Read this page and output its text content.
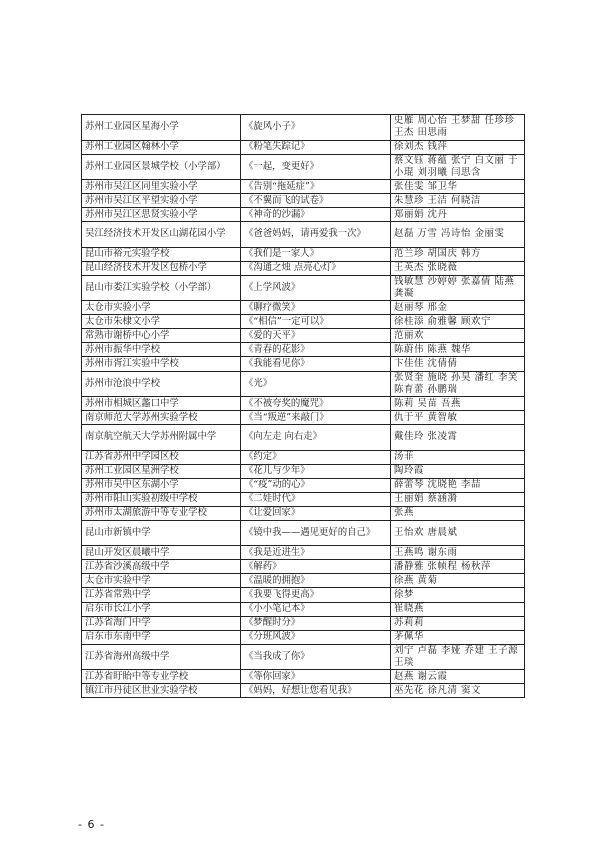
苏州工业园区星海小学	《旋风小子》	史雁 周心怡 王梦甜 任珍珍 王杰 田思雨
苏州工业园区翰林小学	《粉笔失踪记》	徐刘杰 钱萍
苏州工业园区景城学校（小学部）	《一起，变更好》	蔡文钰 蒋蕴 张宁 白文丽 于小琨 刘羽曦 闫思含
苏州市吴江区同里实验小学	《告别“拖延症”》	张佳雯 邹卫华
苏州市吴江区平望实验小学	《不翼而飞的试卷》	朱慧珍 王洁 何晓洁
苏州市吴江区思贤实验小学	《神奇的沙漏》	郑丽娟 沈丹
吴江经济技术开发区山湖花园小学	《爸爸妈妈，请再爱我一次》	赵磊 万雪 冯诗怡 金丽雯
昆山市裕元实验学校	《我们是一家人》	范兰珍 胡国庆 韩方
昆山经济技术开发区包桥小学	《沟通之烛 点亮心灯》	王英杰 张晓薇
昆山市娄江实验学校（小学部）	《上学风波》	钱敏慧 沙婷婷 张嘉倩 陆燕 龚凝
太仓市实验小学	《聊疗微笑》	赵丽琴 邢金
太仓市朱棣文小学	《“相信”一定可以》	徐桂添 俞雅馨 顾欢宁
常熟市谢桥中心小学	《爱的天平》	范丽欢
苏州市振华中学校	《青春的花影》	陈蔚伟 陈燕 魏华
苏州市胥江实验中学校	《我能看见你》	卞佳佳 沈倩倩
苏州市沧浪中学校	《光》	张贤奎 施晓 孙昊 潘红 李笑 陈育蕾 孙鹏瑞
苏州市相城区蠡口中学	《不被夸奖的魔咒》	陈莉 吴苗 吾燕
南京师范大学苏州实验学校	《当“叛逆”来敲门》	仇于平 黄智敏
南京航空航天大学苏州附属中学	《向左走 向右走》	戴佳玲 张凌霄
江苏省苏州中学园区校	《约定》	汤菲
苏州工业园区星洲学校	《花儿与少年》	陶玲霞
苏州市吴中区东湖小学	《“疫”动的心》	薛蕾琴 沈晓艳 李喆
苏州市阳山实验初级中学校	《二娃时代》	王丽娟 蔡涵漪
苏州市太湖旅游中等专业学校	《让爱回家》	张燕
昆山市新镇中学	《镜中我——遇见更好的自己》	王怡欢 唐晨斌
昆山开发区晨曦中学	《我是近进生》	王燕鸣 谢东雨
江苏省沙溪高级中学	《解药》	潘静雅 张帧程 杨秋萍
太仓市实验中学	《温暖的拥抱》	徐燕 黄菊
江苏省常熟中学	《我要飞得更高》	徐梦
启东市长江小学	《小小笔记本》	崔晓燕
江苏省海门中学	《梦醒时分》	苏莉莉
启东市东南中学	《分班风波》	茅佩华
江苏省海州高级中学	《当我成了你》	刘宁 卢磊 李娅 乔建 王子源 王琰
江苏省盱眙中等专业学校	《等你回家》	赵燕 谢云霞
镇江市丹徒区世业实验学校	《妈妈，好想让您看见我》	巫先花 徐凡清 窦文
- 6 -
